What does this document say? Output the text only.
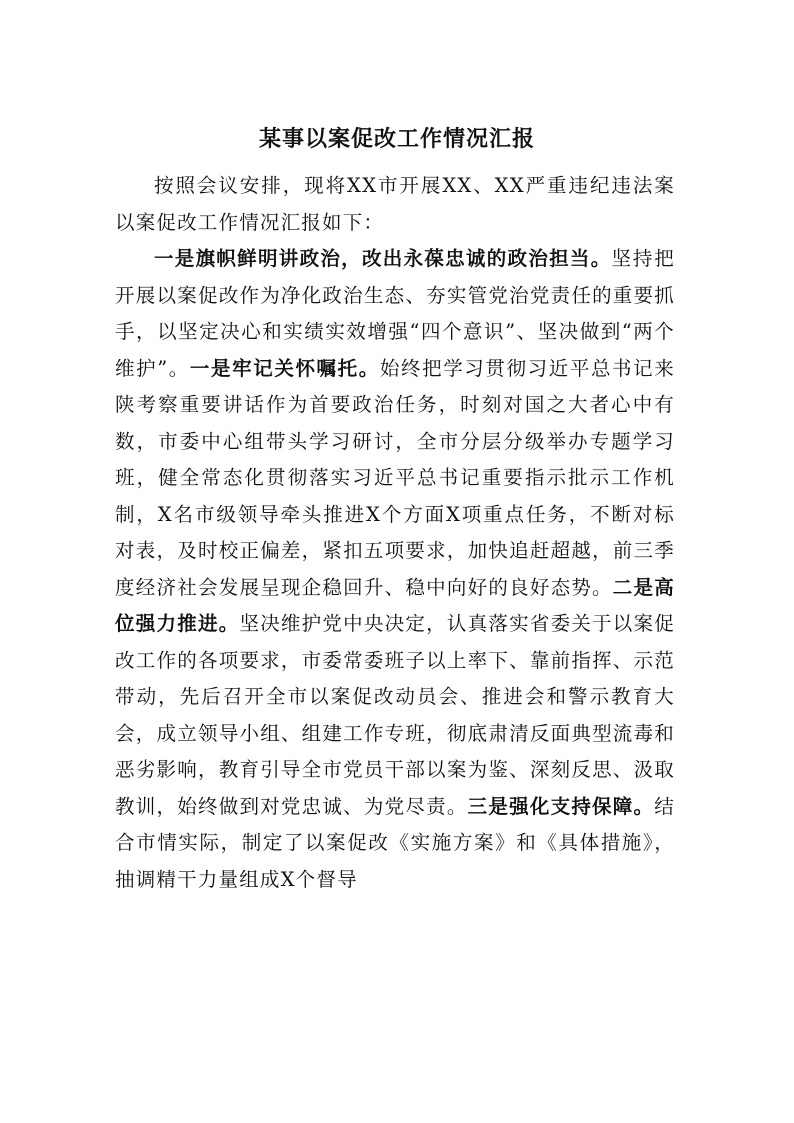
某事以案促改工作情况汇报

按照会议安排，现将XX市开展XX、XX严重违纪违法案以案促改工作情况汇报如下：

一是旗帜鲜明讲政治，改出永葆忠诚的政治担当。坚持把开展以案促改作为净化政治生态、夯实管党治党责任的重要抓手，以坚定决心和实绩实效增强“四个意识”、坚决做到“两个维护”。一是牢记关怀嘱托。始终把学习贯彻习近平总书记来陕考察重要讲话作为首要政治任务，时刻对国之大者心中有数，市委中心组带头学习研讨，全市分层分级举办专题学习班，健全常态化贯彻落实习近平总书记重要指示批示工作机制，X名市级领导牵头推进X个方面X项重点任务，不断对标对表，及时校正偏差，紧扣五项要求，加快追赶超越，前三季度经济社会发展呈现企稳回升、稳中向好的良好态势。二是高位强力推进。坚决维护党中央决定，认真落实省委关于以案促改工作的各项要求，市委常委班子以上率下、靠前指挥、示范带动，先后召开全市以案促改动员会、推进会和警示教育大会，成立领导小组、组建工作专班，彻底肃清反面典型流毒和恶劣影响，教育引导全市党员干部以案为鉴、深刻反思、汲取教训，始终做到对党忠诚、为党尽责。三是强化支持保障。结合市情实际，制定了以案促改《实施方案》和《具体措施》，抽调精干力量组成X个督导
